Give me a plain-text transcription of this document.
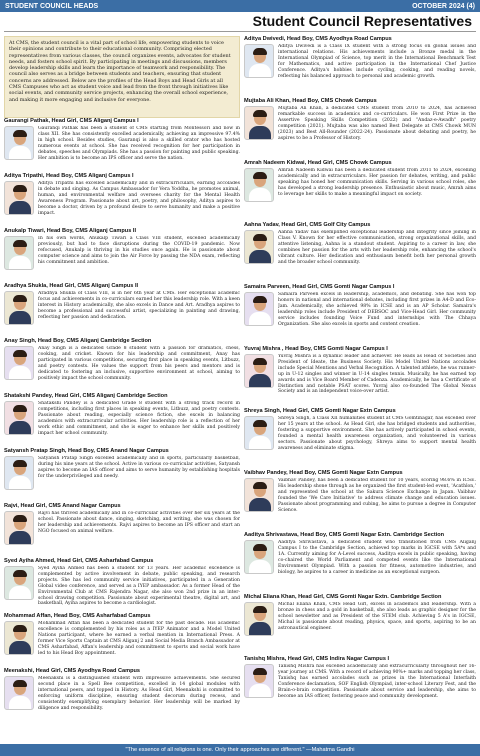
STUDENT COUNCIL HEADS	OCTOBER 2024 (4)
Student Council Representatives
At CMS, the student council is a vital part of school life, empowering students to voice their opinions and contribute to their educational community. Comprising elected representatives from various classes, the council organizes events, advocates for student needs, and fosters school spirit. By participating in meetings and discussions, members develop leadership skills and learn the importance of teamwork and responsibility. The council also serves as a bridge between students and teachers, ensuring that student concerns are addressed. Below are the profiles of the Head Boys and Head Girls at all CMS Campuses who act as student voice and lead from the front through initiatives like social events, and community service projects, enhancing the overall school experience, and making it more engaging and inclusive for everyone.
Gaurangi Pathak, Head Girl, CMS Aliganj Campus I
Gauranqi Pathak has been a student of CMS starting from Montessori and now in class XII. She has consistently excelled academically, achieving an impressive 97.4% in high school. Besides studies, Gauranqi is also a skilled orator who has hosted numerous events at school. She has received recognition for her participation in debates, speeches and Olympiads. She has a passion for painting and public speaking. Her ambition is to become an IPS officer and serve the nation.
Aditya Tripathi, Head Boy, CMS Aliganj Campus I
Aditya Tripathi has excelled academically and in extracurriculars, earning accolades in debate and singing. As Campus Ambassador for Vera Yoddha, he promotes animal, human, and environmental welfare and oversees charity for the Mental Health Awareness Program. Passionate about art, poetry, and philosophy, Aditya aspires to become a doctor, driven by a profound desire to serve humanity and make a positive impact.
Anukalp Tiwari, Head Boy, CMS Aliganj Campus II
In his own words, Anukalp Tiwari a Class VIII student, excelled academically previously, but had to face disruptions during the COVID-19 pandemic. Now refocused, Anukalp is thriving in his studies once again. He is passionate about computer science and aims to join the Air Force by passing the NDA exam, reflecting his commitment and ambition.
Aradhya Shukla, Head Girl, CMS Aliganj Campus II
Aradhya Shukla of Class VIII, is in her 6th year at CMS. Her exceptional academic focus and achievements in co-curriculars earned her this leadership role. With a keen interest in History academically, she also excels in Dance and Art. Aradhya aspires to become a professional and successful artist, specializing in painting and drawing, reflecting her passion and dedication.
Anay Singh, Head Boy, CMS Aliganj Cambridge Section
Anay Singh is a dedicated Grade 8 student with a passion for dramatics, chess, cooking, and cricket. Known for his leadership and commitment, Anay has participated in various competitions, securing first place in speaking events, Litbuzz, and poetry contests. He values the support from his peers and mentors and is dedicated to fostering an inclusive, supportive environment at school, aiming to positively impact the school community.
Shatakshi Pandey, Head Girl, CMS Aliganj Cambridge Section
Shatakshi Pandey is a dedicated Grade 8 student with a strong track record in competitions, including first places in speaking events, Litbuzz, and poetry contests. Passionate about reading, especially science fiction, she excels in balancing academics with extracurricular activities. Her leadership role is a reflection of her work ethic and commitment, and she is eager to enhance her skills and positively impact her school community.
Satyansh Pratap Singh, Head Boy, CMS Anand Nagar Campus
Satyansh Pratap Singh excelled academically and in sports, particularly basketball, during his nine years at the school. Active in various co-curricular activities, Satyansh aspires to become an IAS officer and aims to serve humanity by establishing hospitals for the underprivileged and needy.
Rajvi, Head Girl, CMS Anand Nagar Campus
Rajvi has thrived academically and in co-curricular activities over her six years at the school. Passionate about dance, singing, sketching, and writing, she was chosen for her leadership and achievements. Rajvi aspires to become an IPS officer and start an NGO focused on animal welfare.
Syed Ayiha Ahmed, Head Girl, CMS Asharfabad Campus
Syed Ayiha Ahmed has been a student for 13 years. Her academic excellence is complemented by active involvement in debate, public speaking, and research projects. She has led community service initiatives, participated in a Generation Global video conference, and served as a IYEP ambassador. As a former Head of the Environmental Club at CMS Rajendra Nagar, she also won 2nd prize in an inter-school drawing competition. Passionate about experimental theatre, digital art, and basketball, Ayiha aspires to become a cardiologist.
Mohammad Affan, Head Boy, CMS Asharfabad Campus
Mohammad Affan has been a dedicated student for the past decade. His academic excellence is complemented by his roles as a IYEP Animator and a Model United Nations participant, where he earned a verbal mention in International Press. A former Vice Sports Captain at CMS Aliganj 2 and Social Media Branch Ambassador at CMS Asharfabad, Affan's leadership and commitment to sports and social work have led to his Head Boy appointment.
Meenakshi, Head Girl, CMS Ayodhya Road Campus
Meenakshi is a distinguished student with impressive achievements. She secured second place in a Spell Bee competition, excelled in 14 global modules with international peers, and topped in History. As Head Girl, Meenakshi is committed to enforcing uniform discipline, ensuring student decorum during recess, and consistently exemplifying exemplary behavior. Her leadership will be marked by diligence and responsibility.
Aditya Dwivedi, Head Boy, CMS Ayodhya Road Campus
Aditya Dwivedi is a Class IX student with a strong focus on global issues and international relations. His achievements include a Bronze medal in the International Olympiad of Science, top merit in the International Benchmark Test for Mathematics, and active participation in the International Chef Justice Conference. Aditya's hobbies include cycling, cooking, and reading novels, reflecting his balanced approach to personal and academic growth.
Mujtaba Ali Khan, Head Boy, CMS Chowk Campus
Mujtaba Ali Khan, a dedicated CMS student from 2010 to 2024, has achieved remarkable success in academics and co-curriculars. He won First Prize in the Assertive Speaking Skills Competition (2022) and "Andaz-e-Awadh" poetry competition (2021). Mujtaba was also named Best Delegate at CMS Chowk MUN (2023) and Best All-Rounder (2022-24). Passionate about debating and poetry, he aspires to be a Professor of History.
Amrah Nadeem Kidwai, Head Girl, CMS Chowk Campus
Amrah Nadeem Kidwai has been a dedicated student from 2011 to 2024, excelling academically and in extracurriculars. Her passion for debates, writing, and public speaking has honed her communication skills. Serving in various school roles, she has developed a strong leadership presence. Enthusiastic about music, Amrah aims to leverage her skills to make a meaningful impact on society.
Aahna Yadav, Head Girl, CMS Golf City Campus
Aahna Yadav has exemplified exceptional leadership and integrity since joining in Class V. Known for her effective communication, strong organizational skills, and attentive listening, Aahna is a standout student. Aspiring to a career in law, she combines her passion for the arts with her leadership role, enhancing the school's vibrant culture. Her dedication and enthusiasm benefit both her personal growth and the broader school community.
Samaira Parveen, Head Girl, CMS Gomti Nagar Campus I
Samaira Parveen excels in leadership, academics, and debating. She has won top honors in national and international debates, including first prizes in A4-D and Eco-Jam. Academically, she achieved 98% in ICSE and is an AP Scholar. Samaira's leadership roles include President of DEBSOC and Vice-Head Girl. Her community service includes founding Voice Fund and internships with The Chhaya Organization. She also excels in sports and content creation.
Yuvraj Mishra , Head Boy, CMS Gomti Nagar Campus I
Yuvraj Mishra is a dynamic leader and achiever. He leads as Head of Societies and President of Ideate, the Business Society. His Model United Nations accolades include Special Mentions and Verbal Recognition. A talented athlete, he was runner-up in U-12 singles and winner in U-14 singles tennis. Musically, he has earned top awards and is Vice Board Member of Cadenza. Academically, he has a Certificate of Distinction and notable PSAT scores. Yuvraj also co-founded The Global Nexus Society and is an independent voice-over artist.
Shreya Singh, Head Girl, CMS Gomti Nagar Extn Campus
Shreya Singh, a Class XII humanities student at CMS Gomtinagar, has excelled over her 15 years at the school. As Head Girl, she has bridged students and authorities, fostering a supportive environment. She has actively participated in school events, founded a mental health awareness organization, and volunteered in various sectors. Passionate about psychology, Shreya aims to support mental health awareness and eliminate stigma.
Vaibhav Pandey, Head Boy, CMS Gomti Nagar Extn Campus
Vaibhav Pandey, has been a dedicated student for 10 years, scoring 98.6% in ICSE. His leadership shone through as he organized the first student-led event, 'Acathlon,' and represented the school at the Sakura Science Exchange in Japan. Vaibhav founded the 'We Care Initiative' to address climate change and education issues. Passionate about programming and cubing, he aims to pursue a degree in Computer Science.
Aaditya Shrivastava, Head Boy, CMS Gomti Nagar Extn. Cambridge Section
Aaditya Shrivastava, a dedicated student who transitioned from CMS Aliganj Campus I to the Cambridge Section, achieved top marks in IGCSE with 5A*s and 1A. Currently aiming for A-Level success, Aaditya excels in public speaking, having co-chaired the World Parliament and competed events like the International Environment Olympiad. With a passion for fitness, automotive industries, and biology, he aspires to a career in medicine as an exceptional surgeon.
Michal Eliana Khan, Head Girl, CMS Gomti Nagar Extn. Cambridge Section
Michal Eliana Khan, CMS Head Girl, excels in academics and leadership. With a bronze in chess and a gold in basketball, she also leads as graphic designer for the school newsletter and as President of the STEM club. Achieving 5 A's in IGCSE, Michal is passionate about reading, physics, space, and sports, aspiring to be an astronautical engineer.
Tanishq Mishra, Head Girl, CMS Indira Nagar Campus I
Tanishq Mishra has excelled academically and extracurricularly throughout her 16-year journey at CMS. With a record of achieving 90%+ marks and topping her class, Tanishq has earned accolades such as prizes in the International Interfaith Conference declamation, SOF English Olympiad, inter-school Literary Fest, and the Brain-o-brain competition. Passionate about service and leadership, she aims to become an IAS officer, fostering peace and community development.
"The essence of all religions is one. Only their approaches are different." —Mahatma Gandhi
